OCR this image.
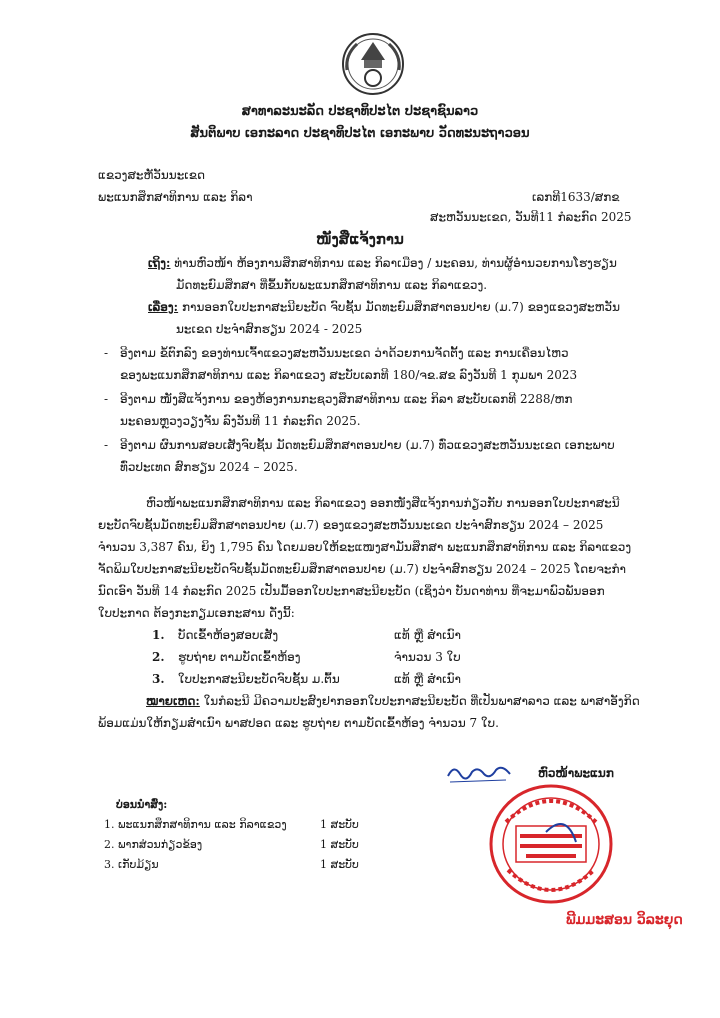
ສາທາລະນະລັດ ປະຊາທິປະໄຕ ປະຊາຊົນລາວ
ສັນຕິພາບ ເອກະລາດ ປະຊາທິປະໄຕ ເອກະພາບ ວັດທະນະຖາວອນ
ແຂວງສະຫັວັນນະເຂດ
ພະແນກສຶກສາທິການ ແລະ ກິລາ	ເລກທີ1633/ສກຂ
ສະຫວັນນະເຂດ, ວັນທີ11 ກໍລະກົດ 2025
ໜັງສືແຈ້ງການ
ເຖິງ: ທ່ານຫົວໜ້າ ຫ້ອງການສຶກສາທິການ ແລະ ກິລາເມືອງ / ນະຄອນ, ທ່ານຜູ້ອຳນວຍການໂຮງຮຽນ
ມັດທະຍົມສຶກສາ ທີ່ຂຶ້ນກັບພະແນກສຶກສາທິການ ແລະ ກິລາແຂວງ.
ເລື່ອງ: ການອອກໃບປະກາສະນີຍະບັດ ຈົບຊັ້ນ ມັດທະຍົມສຶກສາຕອນປາຍ (ມ.7) ຂອງແຂວງສະຫວັນ
ນະເຂດ ປະຈຳສົກຮຽນ 2024 - 2025
- ອີງຕາມ ຂໍ້ຕົກລົງ ຂອງທ່ານເຈົ້າແຂວງສະຫວັນນະເຂດ ວ່າດ້ວຍການຈັດຕັ້ງ ແລະ ການເຄື່ອນໄຫວ
ຂອງພະແນກສຶກສາທິການ ແລະ ກິລາແຂວງ ສະບັບເລກທີ 180/ຈຂ.ສຂ ລົງວັນທີ 1 ກຸມພາ 2023
- ອີງຕາມ ໜັງສືແຈ້ງການ ຂອງຫ້ອງການກະຊວງສຶກສາທິການ ແລະ ກິລາ ສະບັບເລກທີ 2288/ຫກ
ນະຄອນຫຼວງວຽງຈັນ ລົງວັນທີ 11 ກໍລະກົດ 2025.
- ອີງຕາມ ຜົນການສອບເສັງຈົບຊັ້ນ ມັດທະຍົມສຶກສາຕອນປາຍ (ມ.7) ທົ່ວແຂວງສະຫວັນນະເຂດ ເອກະພາບ
ທົ່ວປະເທດ ສົກຮຽນ 2024 – 2025.
ຫົວໜ້າພະແນກສຶກສາທິການ ແລະ ກິລາແຂວງ ອອກໜັງສືແຈ້ງການກ່ຽວກັບ ການອອກໃບປະກາສະນີ
ຍະບັດຈົບຊັ້ນມັດທະຍົມສຶກສາຕອນປາຍ (ມ.7) ຂອງແຂວງສະຫວັນນະເຂດ ປະຈຳສົກຮຽນ 2024 – 2025
ຈຳນວນ 3,387 ຄົນ, ຍິງ 1,795 ຄົນ ໂດຍມອບໃຫ້ຂະແໜງສາມັນສຶກສາ ພະແນກສຶກສາທິການ ແລະ ກິລາແຂວງ
ຈັດພິມໃບປະກາສະນີຍະບັດຈົບຊັ້ນມັດທະຍົມສຶກສາຕອນປາຍ (ມ.7) ປະຈຳສົກຮຽນ 2024 – 2025 ໂດຍຈະກຳ
ນົດເອົາ ວັນທີ 14 ກໍລະກົດ 2025 ເປັນມື້ອອກໃບປະກາສະນີຍະບັດ (ເຊິ່ງວ່າ ບັນດາທ່ານ ທີ່ຈະມາພົວພັນອອກ
ໃບປະກາດ ຕ້ອງກະກຽມເອກະສານ ດັ່ງນີ້:
1. ບັດເຂົ້າຫ້ອງສອບເສັງ	ແທ້ ຫຼື ສຳເນົາ
2. ຮູບຖ່າຍ ຕາມບັດເຂົ້າຫ້ອງ	ຈຳນວນ 3 ໃບ
3. ໃບປະກາສະນີຍະບັດຈົບຊັ້ນ ມ.ຕົ້ນ	ແທ້ ຫຼື ສຳເນົາ
ໝາຍເຫດ: ໃນກໍລະນີ ມີຄວາມປະສົງຢາກອອກໃບປະກາສະນີຍະບັດ ທີ່ເປັນພາສາລາວ ແລະ ພາສາອັງກິດ
ພ້ອມແມ່ນໃຫ້ກຽມສຳເນົາ ພາສປອດ ແລະ ຮູບຖ່າຍ ຕາມບັດເຂົ້າຫ້ອງ ຈຳນວນ 7 ໃບ.
ຫົວໜ້າພະແນກ
ພີມມະສອນ ວິລະຍຸດ
ບ່ອນນຳສົ່ງ:
1. ພະແນກສຶກສາທິການ ແລະ ກິລາແຂວງ	1 ສະບັບ
2. ພາກສ່ວນກ່ຽວຂ້ອງ	1 ສະບັບ
3. ເກັບມ້ຽນ	1 ສະບັບ
